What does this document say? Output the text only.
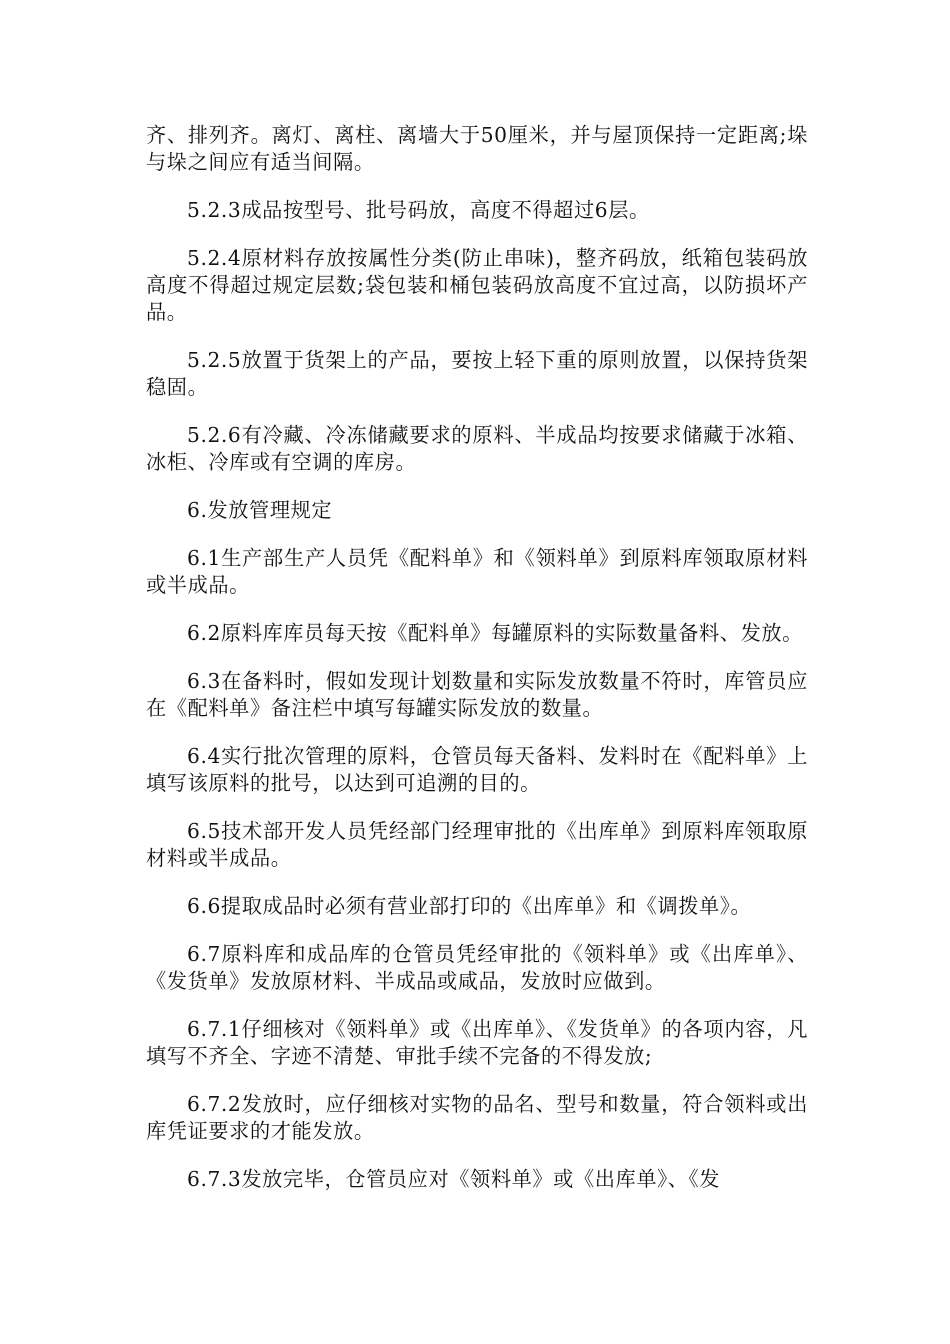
齐、排列齐。离灯、离柱、离墙大于50厘米，并与屋顶保持一定距离;垛与垛之间应有适当间隔。

5.2.3成品按型号、批号码放，高度不得超过6层。

5.2.4原材料存放按属性分类(防止串味)，整齐码放，纸箱包装码放高度不得超过规定层数;袋包装和桶包装码放高度不宜过高，以防损坏产品。

5.2.5放置于货架上的产品，要按上轻下重的原则放置，以保持货架稳固。

5.2.6有冷藏、冷冻储藏要求的原料、半成品均按要求储藏于冰箱、冰柜、冷库或有空调的库房。

6.发放管理规定

6.1生产部生产人员凭《配料单》和《领料单》到原料库领取原材料或半成品。

6.2原料库库员每天按《配料单》每罐原料的实际数量备料、发放。

6.3在备料时，假如发现计划数量和实际发放数量不符时，库管员应在《配料单》备注栏中填写每罐实际发放的数量。

6.4实行批次管理的原料，仓管员每天备料、发料时在《配料单》上填写该原料的批号，以达到可追溯的目的。

6.5技术部开发人员凭经部门经理审批的《出库单》到原料库领取原材料或半成品。

6.6提取成品时必须有营业部打印的《出库单》和《调拨单》。

6.7原料库和成品库的仓管员凭经审批的《领料单》或《出库单》、《发货单》发放原材料、半成品或咸品，发放时应做到。

6.7.1仔细核对《领料单》或《出库单》、《发货单》的各项内容，凡填写不齐全、字迹不清楚、审批手续不完备的不得发放;

6.7.2发放时，应仔细核对实物的品名、型号和数量，符合领料或出库凭证要求的才能发放。

6.7.3发放完毕，仓管员应对《领料单》或《出库单》、《发
